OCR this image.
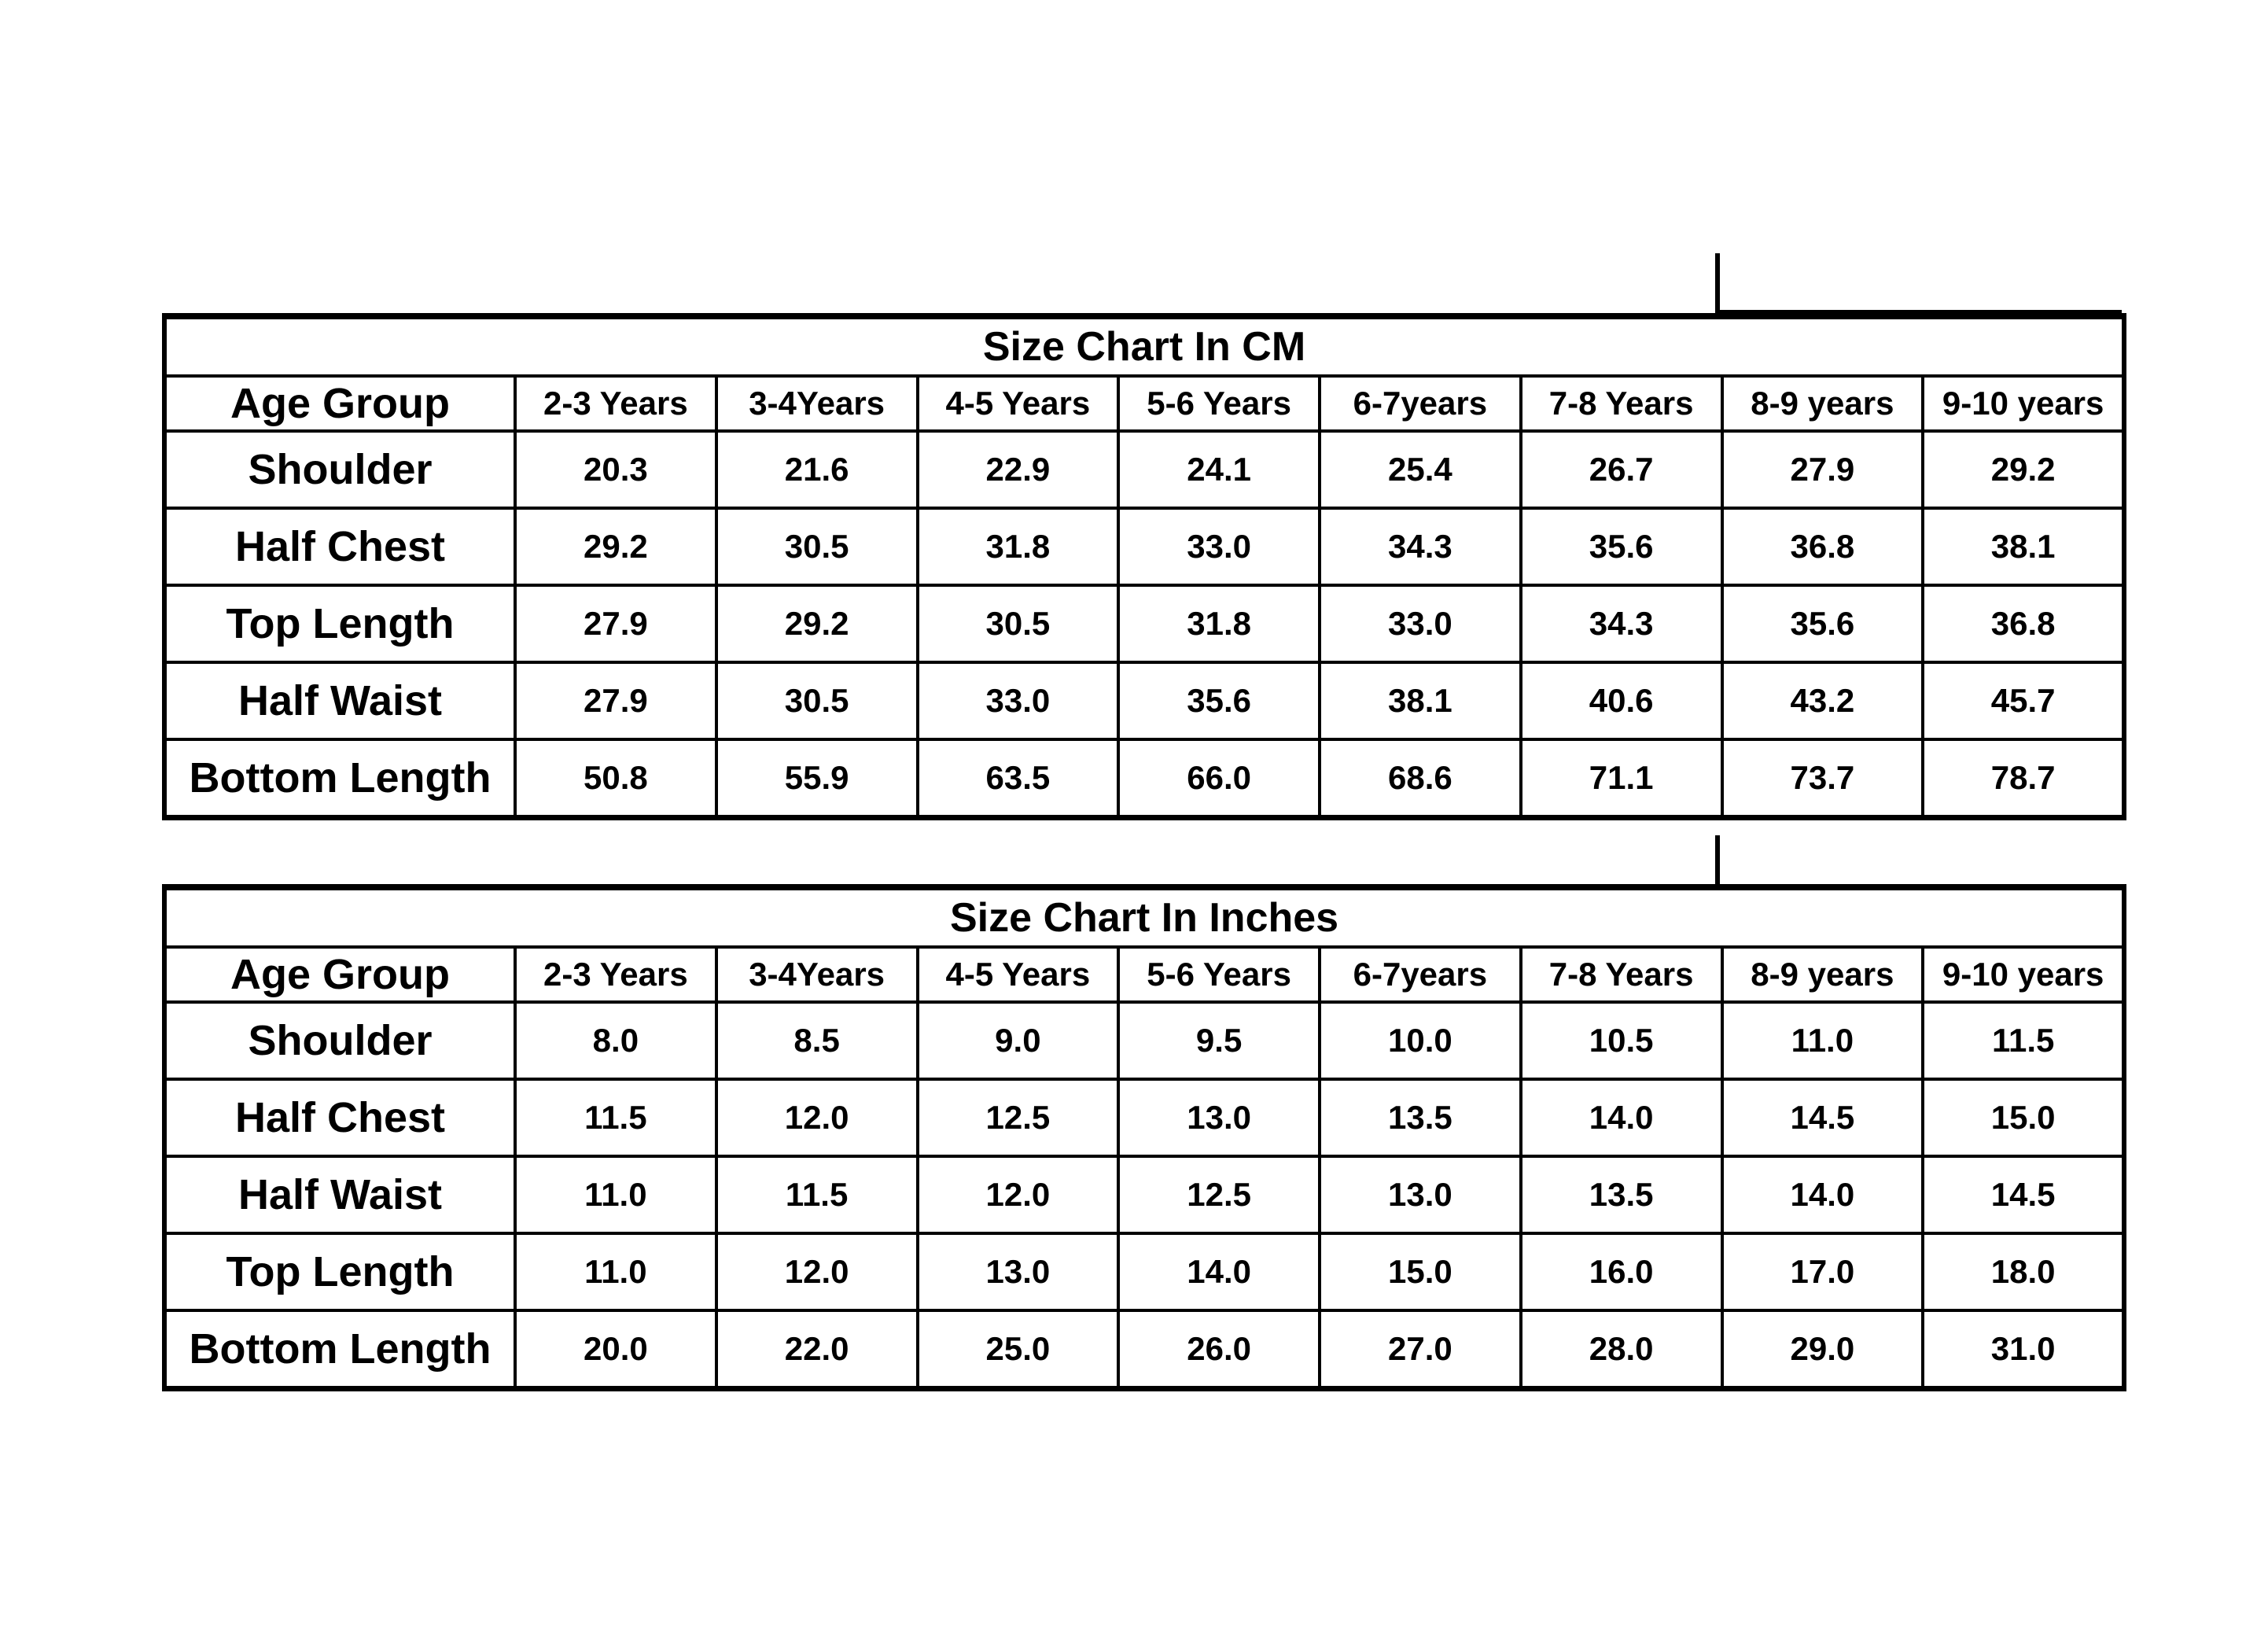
Size Chart In CM								
Age Group	2-3 Years	3-4Years	4-5 Years	5-6 Years	6-7years	7-8 Years	8-9 years	9-10 years
Shoulder	20.3	21.6	22.9	24.1	25.4	26.7	27.9	29.2
Half Chest	29.2	30.5	31.8	33.0	34.3	35.6	36.8	38.1
Top Length	27.9	29.2	30.5	31.8	33.0	34.3	35.6	36.8
Half Waist	27.9	30.5	33.0	35.6	38.1	40.6	43.2	45.7
Bottom Length	50.8	55.9	63.5	66.0	68.6	71.1	73.7	78.7
Size Chart In Inches								
Age Group	2-3 Years	3-4Years	4-5 Years	5-6 Years	6-7years	7-8 Years	8-9 years	9-10 years
Shoulder	8.0	8.5	9.0	9.5	10.0	10.5	11.0	11.5
Half Chest	11.5	12.0	12.5	13.0	13.5	14.0	14.5	15.0
Half Waist	11.0	11.5	12.0	12.5	13.0	13.5	14.0	14.5
Top Length	11.0	12.0	13.0	14.0	15.0	16.0	17.0	18.0
Bottom Length	20.0	22.0	25.0	26.0	27.0	28.0	29.0	31.0
